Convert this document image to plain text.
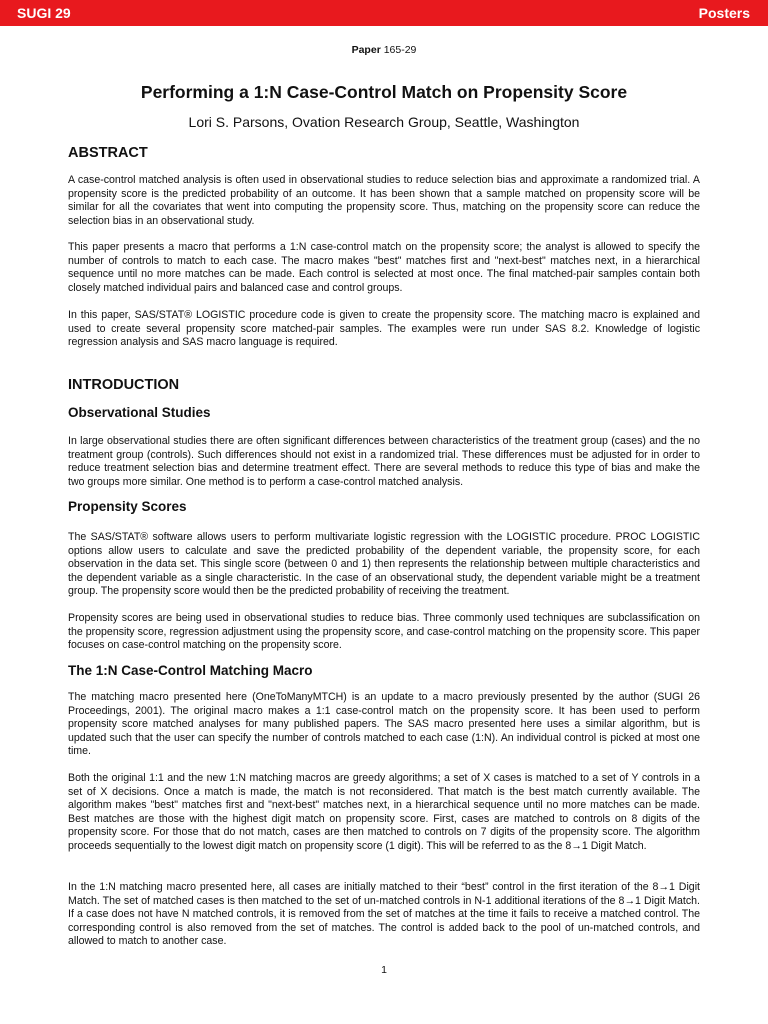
SUGI 29	Posters
Paper 165-29
Performing a 1:N Case-Control Match on Propensity Score
Lori S. Parsons, Ovation Research Group, Seattle, Washington
ABSTRACT

A case-control matched analysis is often used in observational studies to reduce selection bias and approximate a randomized trial. A propensity score is the predicted probability of an outcome. It has been shown that a sample matched on propensity score will be similar for all the covariates that went into computing the propensity score. Thus, matching on the propensity score can reduce the selection bias in an observational study.

This paper presents a macro that performs a 1:N case-control match on the propensity score; the analyst is allowed to specify the number of controls to match to each case. The macro makes "best" matches first and "next-best" matches next, in a hierarchical sequence until no more matches can be made. Each control is selected at most once. The final matched-pair samples contain both closely matched individual pairs and balanced case and control groups.

In this paper, SAS/STAT® LOGISTIC procedure code is given to create the propensity score. The matching macro is explained and used to create several propensity score matched-pair samples. The examples were run under SAS 8.2. Knowledge of logistic regression analysis and SAS macro language is required.

INTRODUCTION
Observational Studies

In large observational studies there are often significant differences between characteristics of the treatment group (cases) and the no treatment group (controls). Such differences should not exist in a randomized trial. These differences must be adjusted for in order to reduce treatment selection bias and determine treatment effect. There are several methods to reduce this type of bias and make the two groups more similar. One method is to perform a case-control matched analysis.

Propensity Scores

The SAS/STAT® software allows users to perform multivariate logistic regression with the LOGISTIC procedure. PROC LOGISTIC options allow users to calculate and save the predicted probability of the dependent variable, the propensity score, for each observation in the data set. This single score (between 0 and 1) then represents the relationship between multiple characteristics and the dependent variable as a single characteristic. In the case of an observational study, the dependent variable might be a treatment group. The propensity score would then be the predicted probability of receiving the treatment.

Propensity scores are being used in observational studies to reduce bias. Three commonly used techniques are subclassification on the propensity score, regression adjustment using the propensity score, and case-control matching on the propensity score. This paper focuses on case-control matching on the propensity score.

The 1:N Case-Control Matching Macro

The matching macro presented here (OneToManyMTCH) is an update to a macro previously presented by the author (SUGI 26 Proceedings, 2001). The original macro makes a 1:1 case-control match on the propensity score. It has been used to perform propensity score matched analyses for many published papers. The SAS macro presented here uses a similar algorithm, but is updated such that the user can specify the number of controls matched to each case (1:N). An individual control is picked at most one time.

Both the original 1:1 and the new 1:N matching macros are greedy algorithms; a set of X cases is matched to a set of Y controls in a set of X decisions. Once a match is made, the match is not reconsidered. That match is the best match currently available. The algorithm makes "best" matches first and "next-best" matches next, in a hierarchical sequence until no more matches can be made. Best matches are those with the highest digit match on propensity score. First, cases are matched to controls on 8 digits of the propensity score. For those that do not match, cases are then matched to controls on 7 digits of the propensity score. The algorithm proceeds sequentially to the lowest digit match on propensity score (1 digit). This will be referred to as the 8→1 Digit Match.

In the 1:N matching macro presented here, all cases are initially matched to their “best” control in the first iteration of the 8→1 Digit Match. The set of matched cases is then matched to the set of un-matched controls in N-1 additional iterations of the 8→1 Digit Match. If a case does not have N matched controls, it is removed from the set of matches at the time it fails to receive a matched control. The corresponding control is also removed from the set of matches. The control is added back to the pool of un-matched controls, and allowed to match to another case.

1
